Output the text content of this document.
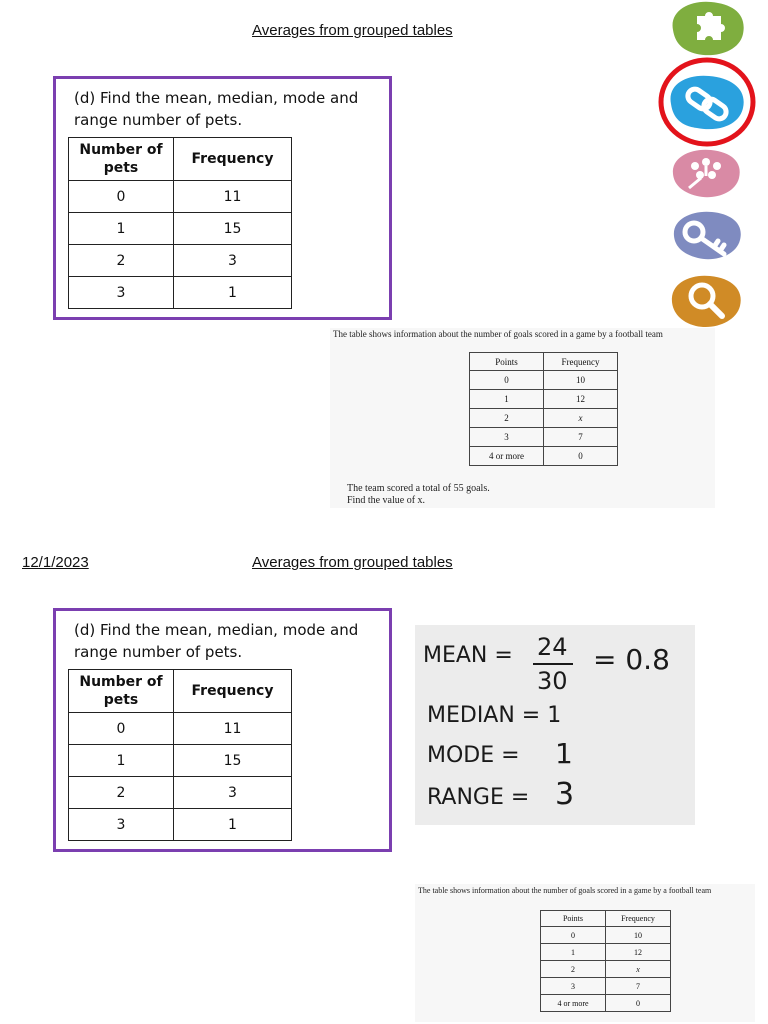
Averages from grouped tables
(d) Find the mean, median, mode and range number of pets.
Number of pets	Frequency
0	11
1	15
2	3
3	1
The table shows information about the number of goals scored in a game by a football team
Points	Frequency
0	10
1	12
2	x
3	7
4 or more	0
The team scored a total of 55 goals.
Find the value of x.
12/1/2023	Averages from grouped tables
(d) Find the mean, median, mode and range number of pets.
Number of pets	Frequency
0	11
1	15
2	3
3	1
MEAN = 24
30
= 0.8
MEDIAN = 1
MODE = 1
RANGE = 3
The table shows information about the number of goals scored in a game by a football team
Points	Frequency
0	10
1	12
2	x
3	7
4 or more	0
